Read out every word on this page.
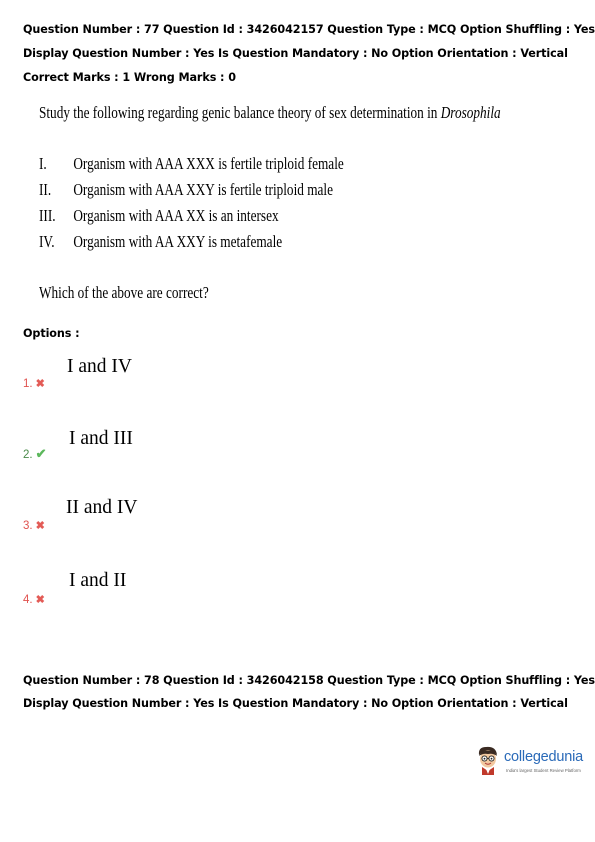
Question Number : 77 Question Id : 3426042157 Question Type : MCQ Option Shuffling : Yes
Display Question Number : Yes Is Question Mandatory : No Option Orientation : Vertical
Correct Marks : 1 Wrong Marks : 0
Study the following regarding genic balance theory of sex determination in Drosophila
I. Organism with AAA XXX is fertile triploid female
II. Organism with AAA XXY is fertile triploid male
III. Organism with AAA XX is an intersex
IV. Organism with AA XXY is metafemale
Which of the above are correct?
Options :
I and IV
1. ✖
I and III
2. ✔
II and IV
3. ✖
I and II
4. ✖
Question Number : 78 Question Id : 3426042158 Question Type : MCQ Option Shuffling : Yes
Display Question Number : Yes Is Question Mandatory : No Option Orientation : Vertical
collegedunia
India's largest Student Review Platform
